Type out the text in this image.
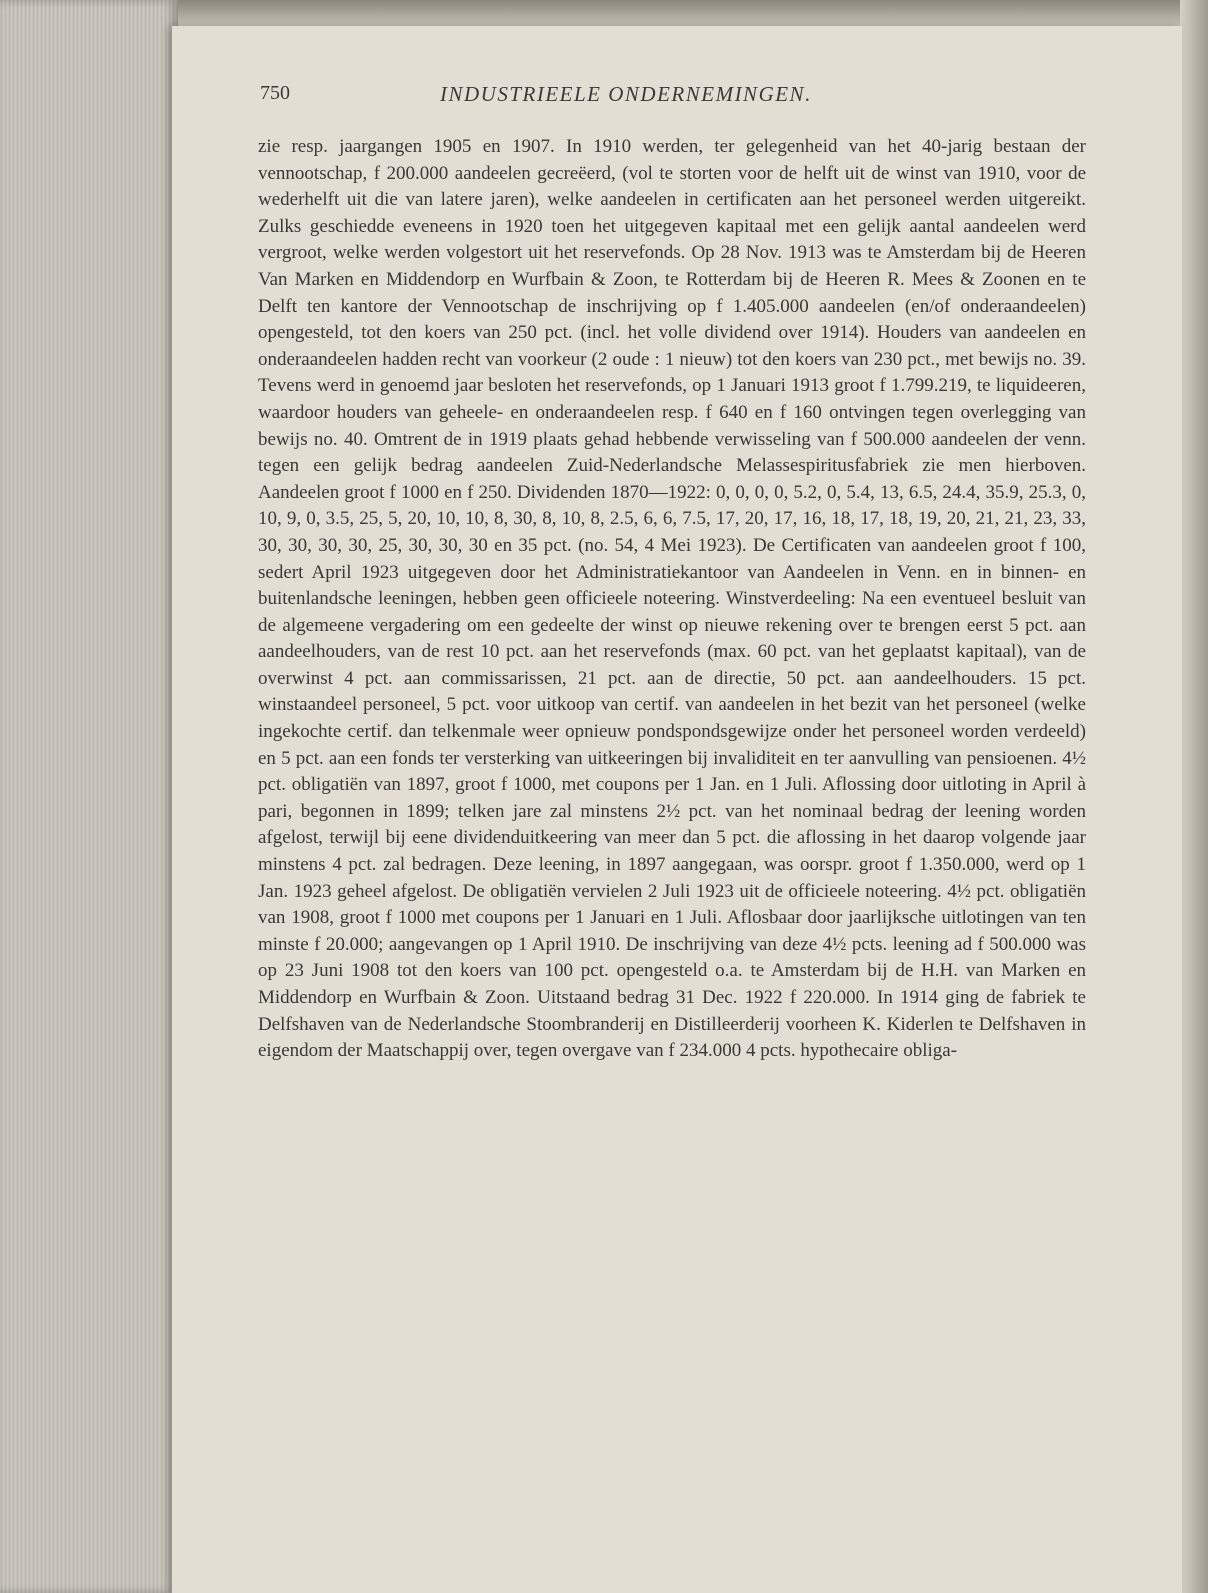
750	INDUSTRIEELE ONDERNEMINGEN.

zie resp. jaargangen 1905 en 1907. In 1910 werden, ter gelegenheid van het 40-jarig bestaan der vennootschap, f 200.000 aandeelen gecreëerd, (vol te storten voor de helft uit de winst van 1910, voor de wederhelft uit die van latere jaren), welke aandeelen in certificaten aan het personeel werden uitgereikt. Zulks geschiedde eveneens in 1920 toen het uitgegeven kapitaal met een gelijk aantal aandeelen werd vergroot, welke werden volgestort uit het reservefonds. Op 28 Nov. 1913 was te Amsterdam bij de Heeren Van Marken en Middendorp en Wurfbain & Zoon, te Rotterdam bij de Heeren R. Mees & Zoonen en te Delft ten kantore der Vennootschap de inschrijving op f 1.405.000 aandeelen (en/of onderaandeelen) opengesteld, tot den koers van 250 pct. (incl. het volle dividend over 1914). Houders van aandeelen en onderaandeelen hadden recht van voorkeur (2 oude : 1 nieuw) tot den koers van 230 pct., met bewijs no. 39. Tevens werd in genoemd jaar besloten het reservefonds, op 1 Januari 1913 groot f 1.799.219, te liquideeren, waardoor houders van geheele- en onderaandeelen resp. f 640 en f 160 ontvingen tegen overlegging van bewijs no. 40. Omtrent de in 1919 plaats gehad hebbende verwisseling van f 500.000 aandeelen der venn. tegen een gelijk bedrag aandeelen Zuid-Nederlandsche Melassespiritusfabriek zie men hierboven. Aandeelen groot f 1000 en f 250. Dividenden 1870—1922: 0, 0, 0, 0, 5.2, 0, 5.4, 13, 6.5, 24.4, 35.9, 25.3, 0, 10, 9, 0, 3.5, 25, 5, 20, 10, 10, 8, 30, 8, 10, 8, 2.5, 6, 6, 7.5, 17, 20, 17, 16, 18, 17, 18, 19, 20, 21, 21, 23, 33, 30, 30, 30, 30, 25, 30, 30, 30 en 35 pct. (no. 54, 4 Mei 1923). De Certificaten van aandeelen groot f 100, sedert April 1923 uitgegeven door het Administratiekantoor van Aandeelen in Venn. en in binnen- en buitenlandsche leeningen, hebben geen officieele noteering. Winstverdeeling: Na een eventueel besluit van de algemeene vergadering om een gedeelte der winst op nieuwe rekening over te brengen eerst 5 pct. aan aandeelhouders, van de rest 10 pct. aan het reservefonds (max. 60 pct. van het geplaatst kapitaal), van de overwinst 4 pct. aan commissarissen, 21 pct. aan de directie, 50 pct. aan aandeelhouders. 15 pct. winstaandeel personeel, 5 pct. voor uitkoop van certif. van aandeelen in het bezit van het personeel (welke ingekochte certif. dan telkenmale weer opnieuw pondspondsgewijze onder het personeel worden verdeeld) en 5 pct. aan een fonds ter versterking van uitkeeringen bij invaliditeit en ter aanvulling van pensioenen. 4½ pct. obligatiën van 1897, groot f 1000, met coupons per 1 Jan. en 1 Juli. Aflossing door uitloting in April à pari, begonnen in 1899; telken jare zal minstens 2½ pct. van het nominaal bedrag der leening worden afgelost, terwijl bij eene dividenduitkeering van meer dan 5 pct. die aflossing in het daarop volgende jaar minstens 4 pct. zal bedragen. Deze leening, in 1897 aangegaan, was oorspr. groot f 1.350.000, werd op 1 Jan. 1923 geheel afgelost. De obligatiën vervielen 2 Juli 1923 uit de officieele noteering. 4½ pct. obligatiën van 1908, groot f 1000 met coupons per 1 Januari en 1 Juli. Aflosbaar door jaarlijksche uitlotingen van ten minste f 20.000; aangevangen op 1 April 1910. De inschrijving van deze 4½ pcts. leening ad f 500.000 was op 23 Juni 1908 tot den koers van 100 pct. opengesteld o.a. te Amsterdam bij de H.H. van Marken en Middendorp en Wurfbain & Zoon. Uitstaand bedrag 31 Dec. 1922 f 220.000. In 1914 ging de fabriek te Delfshaven van de Nederlandsche Stoombranderij en Distilleerderij voorheen K. Kiderlen te Delfshaven in eigendom der Maatschappij over, tegen overgave van f 234.000 4 pcts. hypothecaire obliga-
